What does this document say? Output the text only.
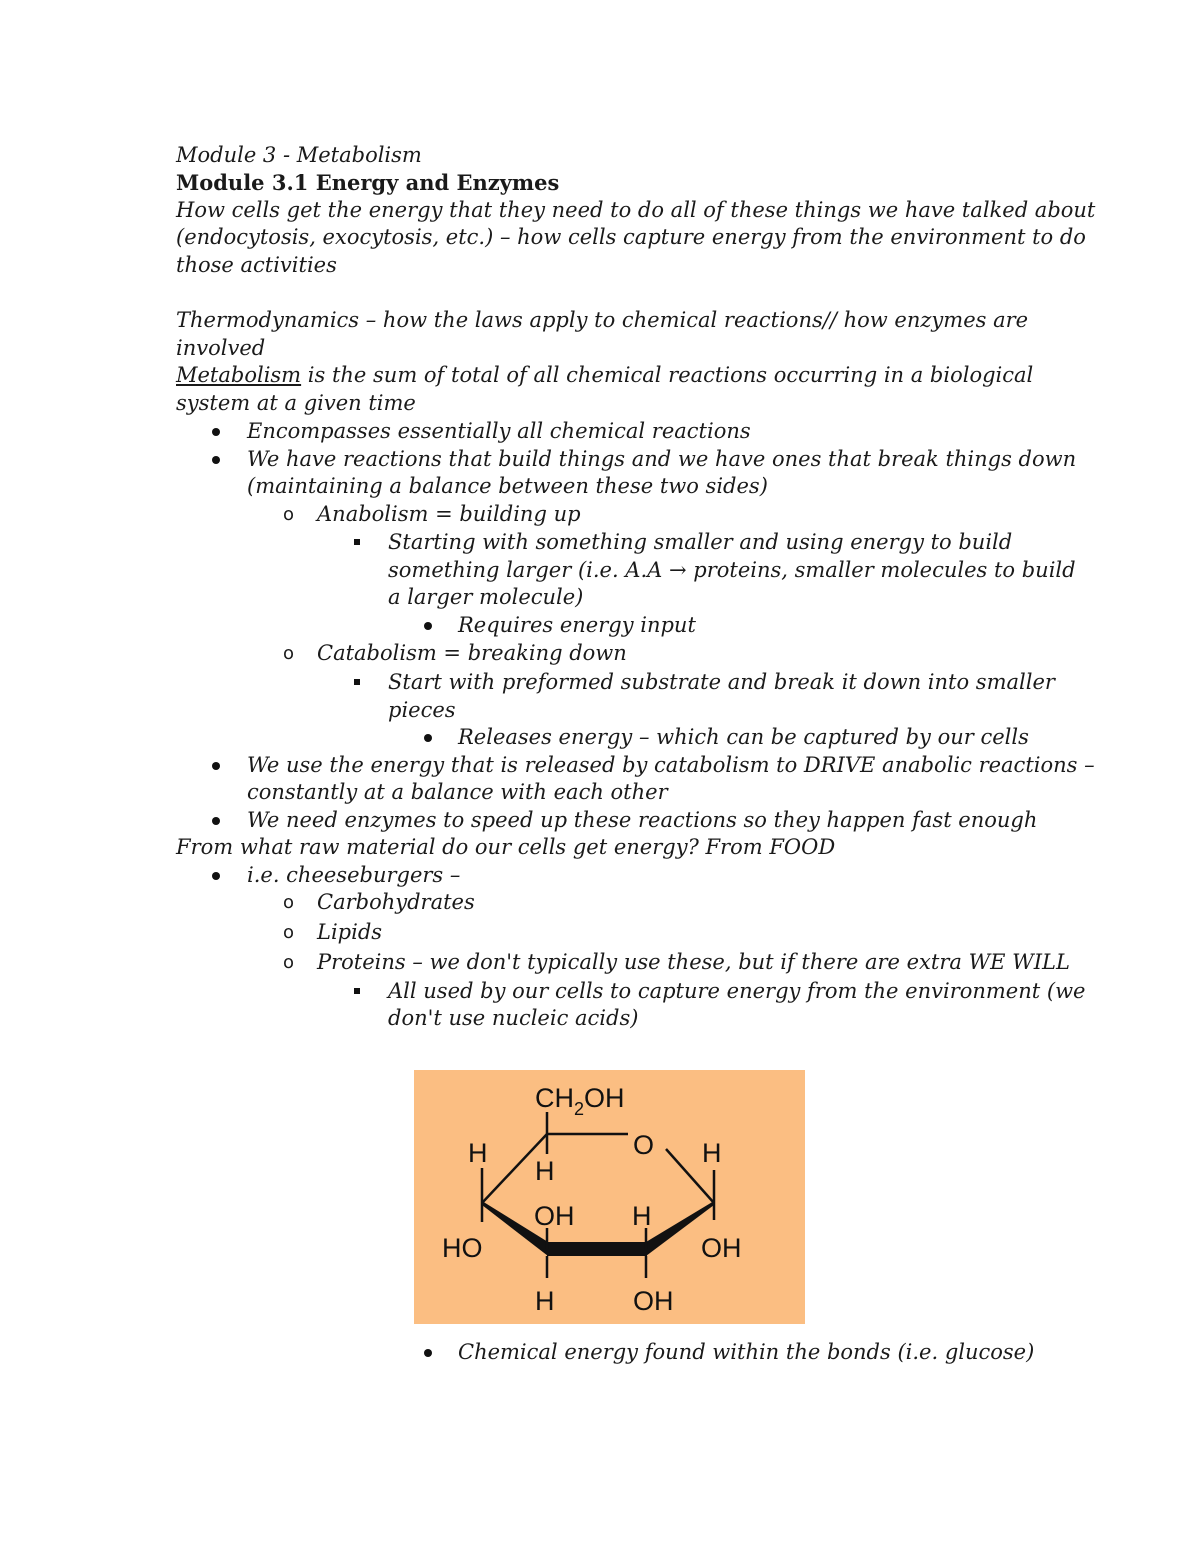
Module 3 - Metabolism
Module 3.1 Energy and Enzymes
How cells get the energy that they need to do all of these things we have talked about
(endocytosis, exocytosis, etc.) – how cells capture energy from the environment to do
those activities
Thermodynamics – how the laws apply to chemical reactions// how enzymes are
involved
Metabolism is the sum of total of all chemical reactions occurring in a biological
system at a given time
Encompasses essentially all chemical reactions
We have reactions that build things and we have ones that break things down
(maintaining a balance between these two sides)
o Anabolism = building up
Starting with something smaller and using energy to build
something larger (i.e. A.A → proteins, smaller molecules to build
a larger molecule)
Requires energy input
o Catabolism = breaking down
Start with preformed substrate and break it down into smaller
pieces
Releases energy – which can be captured by our cells
We use the energy that is released by catabolism to DRIVE anabolic reactions –
constantly at a balance with each other
We need enzymes to speed up these reactions so they happen fast enough
From what raw material do our cells get energy? From FOOD
i.e. cheeseburgers –
o Carbohydrates
o Lipids
o Proteins – we don't typically use these, but if there are extra WE WILL
All used by our cells to capture energy from the environment (we
don't use nucleic acids)
$CH_2OH$
O
H
H
H
OH H
HO	OH
H	OH
Chemical energy found within the bonds (i.e. glucose)
